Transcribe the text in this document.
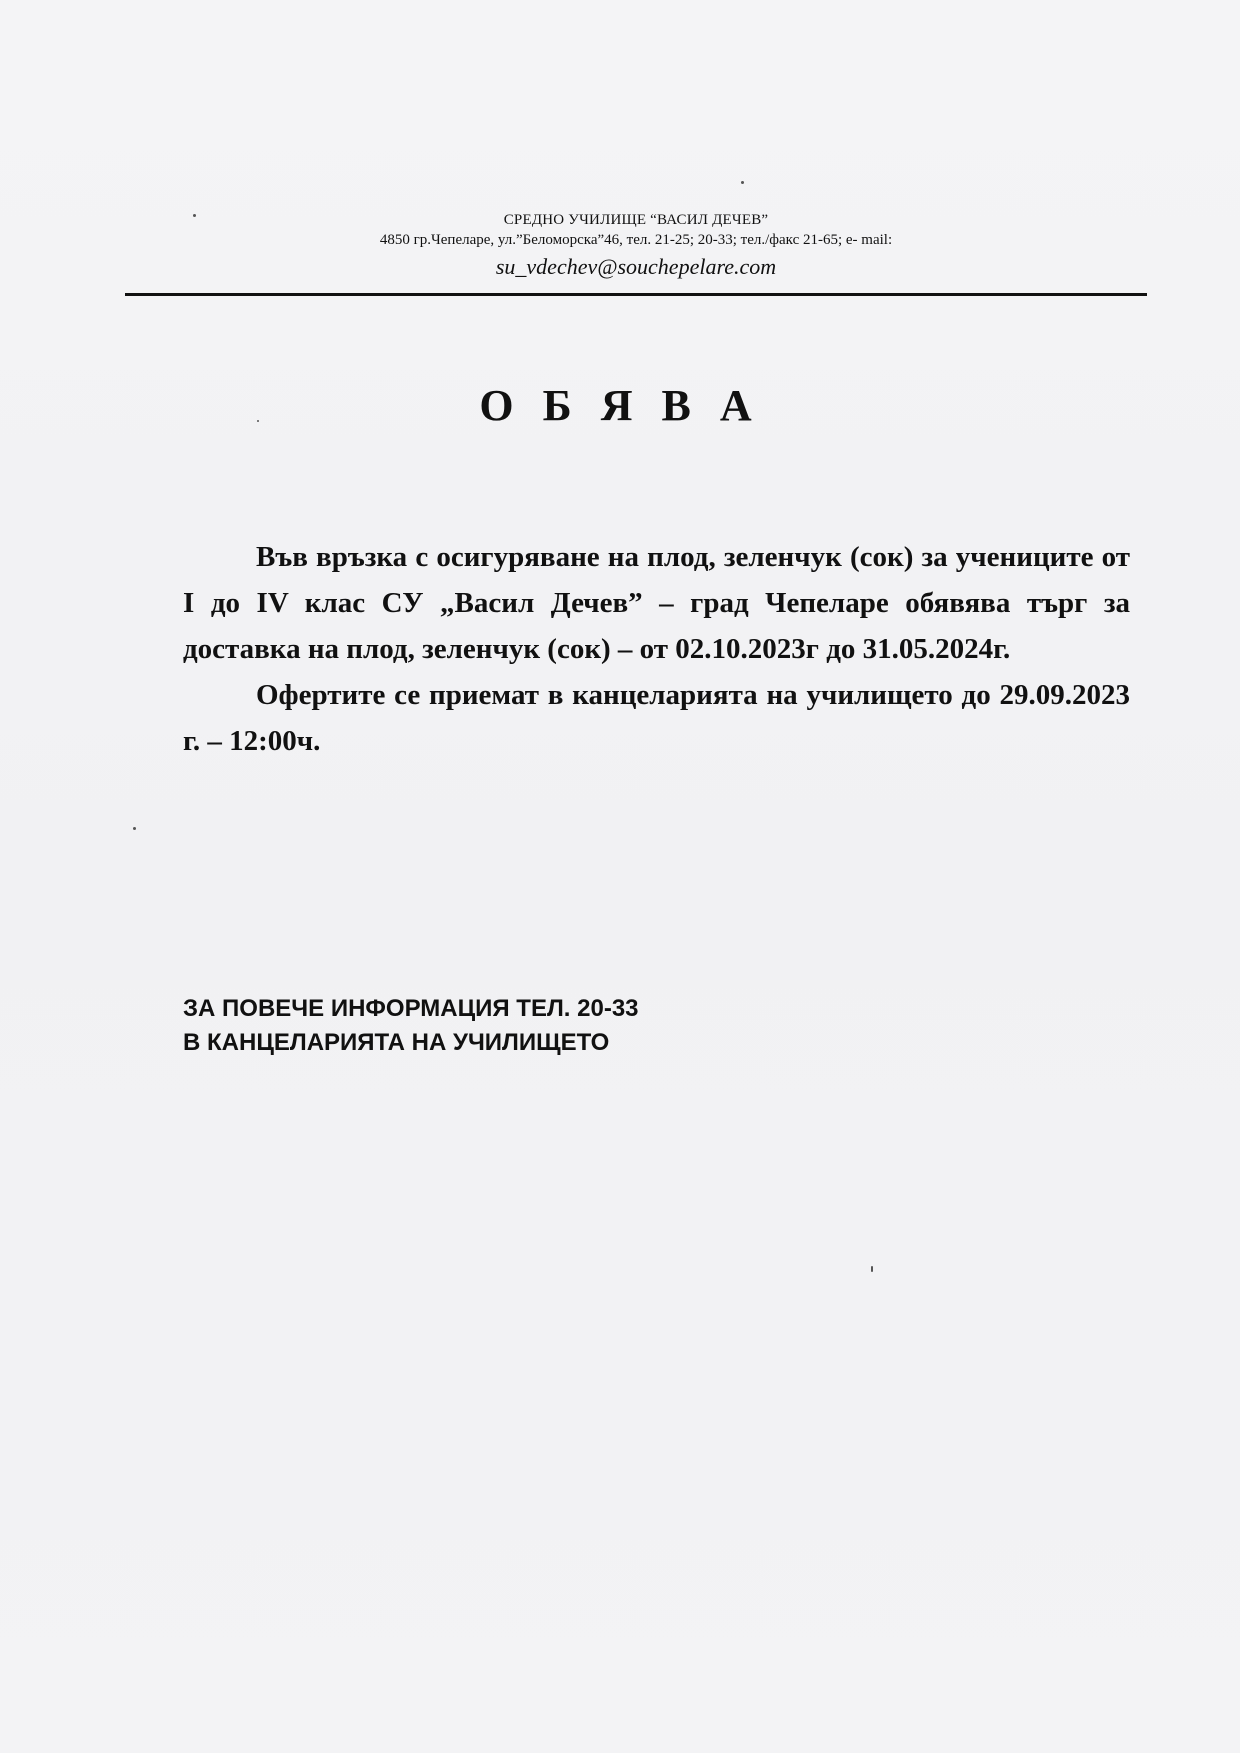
СРЕДНО УЧИЛИЩЕ “ВАСИЛ ДЕЧЕВ”
4850 гр.Чепеларе, ул.”Беломорска”46, тел. 21-25; 20-33; тел./факс 21-65; е- mail:
su_vdechev@souchepelare.com
О Б Я В А

Във връзка с осигуряване на плод, зеленчук (сок) за учениците от I до IV клас СУ „Васил Дечев” – град Чепеларе обявява търг за доставка на плод, зеленчук (сок) – от 02.10.2023г до 31.05.2024г.

Офертите се приемат в канцеларията на училището до 29.09.2023 г. – 12:00ч.

ЗА ПОВЕЧЕ ИНФОРМАЦИЯ ТЕЛ. 20-33
В КАНЦЕЛАРИЯТА НА УЧИЛИЩЕТО
